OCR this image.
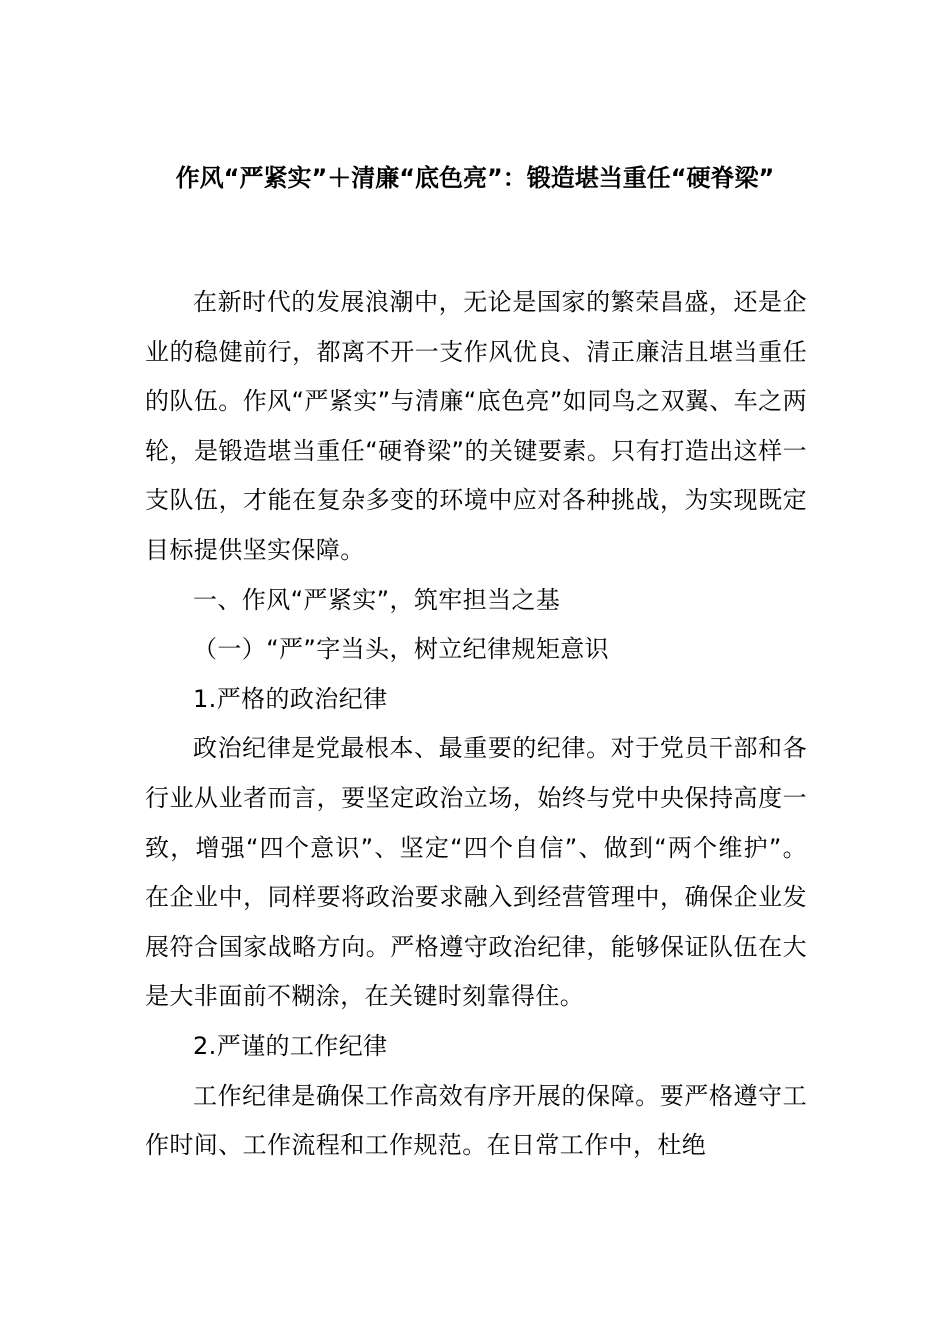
作风“严紧实”＋清廉“底色亮”：锻造堪当重任“硬脊梁”

在新时代的发展浪潮中，无论是国家的繁荣昌盛，还是企业的稳健前行，都离不开一支作风优良、清正廉洁且堪当重任的队伍。作风“严紧实”与清廉“底色亮”如同鸟之双翼、车之两轮，是锻造堪当重任“硬脊梁”的关键要素。只有打造出这样一支队伍，才能在复杂多变的环境中应对各种挑战，为实现既定目标提供坚实保障。

一、作风“严紧实”，筑牢担当之基

（一）“严”字当头，树立纪律规矩意识

1.严格的政治纪律

政治纪律是党最根本、最重要的纪律。对于党员干部和各行业从业者而言，要坚定政治立场，始终与党中央保持高度一致，增强“四个意识”、坚定“四个自信”、做到“两个维护”。在企业中，同样要将政治要求融入到经营管理中，确保企业发展符合国家战略方向。严格遵守政治纪律，能够保证队伍在大是大非面前不糊涂，在关键时刻靠得住。

2.严谨的工作纪律

工作纪律是确保工作高效有序开展的保障。要严格遵守工作时间、工作流程和工作规范。在日常工作中，杜绝
